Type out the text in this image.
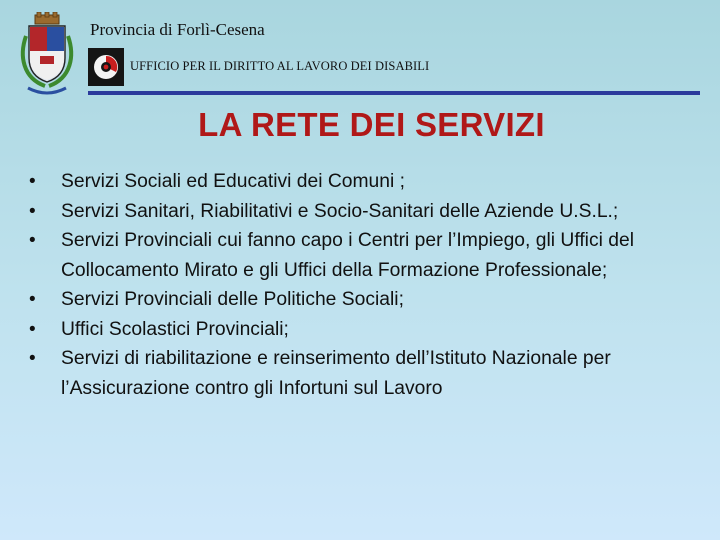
Provincia di Forlì-Cesena
UFFICIO PER IL DIRITTO AL LAVORO DEI DISABILI
LA RETE DEI SERVIZI
•	Servizi Sociali ed Educativi dei Comuni ;
•	Servizi Sanitari, Riabilitativi e Socio-Sanitari delle Aziende U.S.L.;
•	Servizi Provinciali cui fanno capo i Centri per l’Impiego, gli Uffici del Collocamento Mirato e gli Uffici della Formazione Professionale;
•	Servizi Provinciali delle Politiche Sociali;
•	Uffici Scolastici Provinciali;
•	Servizi di riabilitazione e reinserimento dell’Istituto Nazionale per l’Assicurazione contro gli Infortuni sul Lavoro
